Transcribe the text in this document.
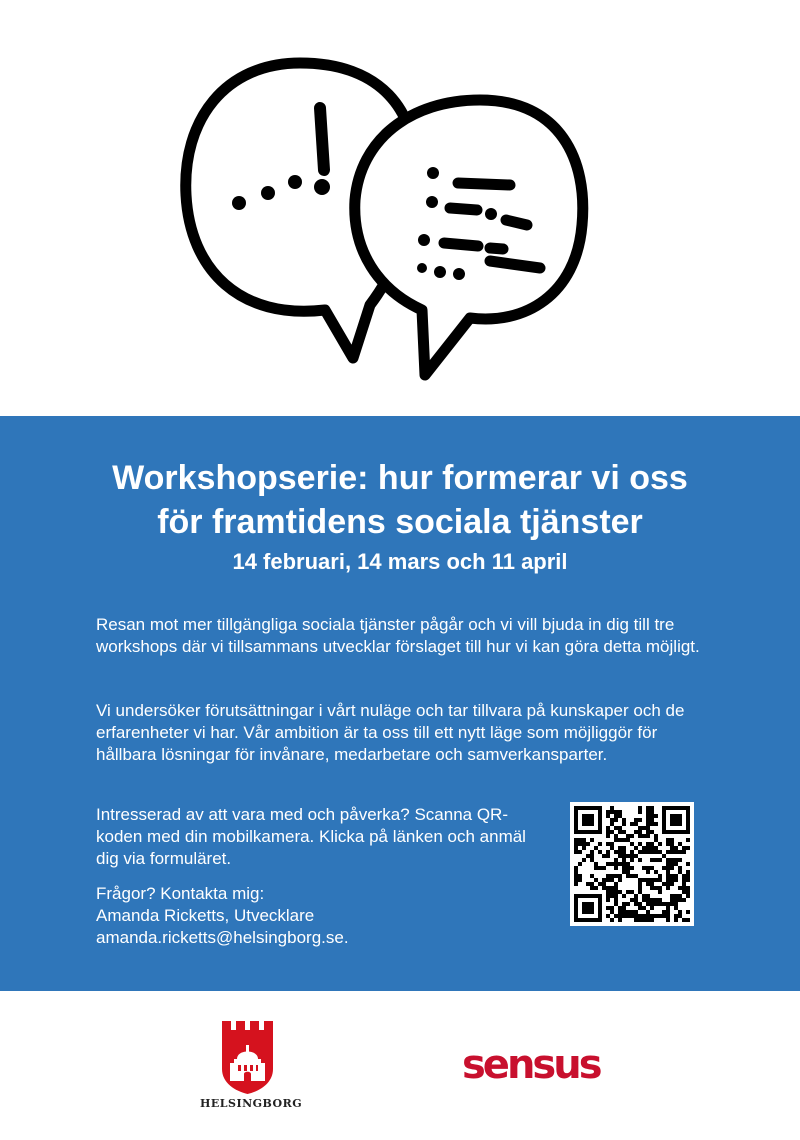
Workshopserie: hur formerar vi oss
för framtidens sociala tjänster
14 februari, 14 mars och 11 april

Resan mot mer tillgängliga sociala tjänster pågår och vi vill bjuda in dig till tre workshops där vi tillsammans utvecklar förslaget till hur vi kan göra detta möjligt.

Vi undersöker förutsättningar i vårt nuläge och tar tillvara på kunskaper och de erfarenheter vi har. Vår ambition är ta oss till ett nytt läge som möjliggör för hållbara lösningar för invånare, medarbetare och samverkansparter.

Intresserad av att vara med och påverka? Scanna QR-koden med din mobilkamera. Klicka på länken och anmäl dig via formuläret.

Frågor? Kontakta mig:
Amanda Ricketts, Utvecklare
amanda.ricketts@helsingborg.se.
HELSINGBORG
sensus
